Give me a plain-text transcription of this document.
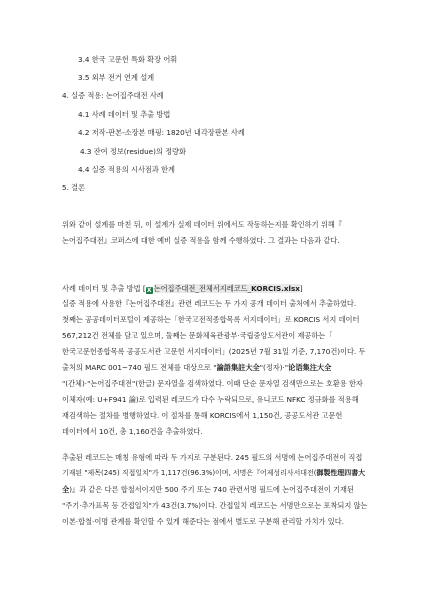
3.4 한국 고문헌 특화 확장 어휘
3.5 외부 전거 연계 설계
4. 실증 적용: 논어집주대전 사례
4.1 사례 데이터 및 추출 방법
4.2 저작-판본-소장본 매핑: 1820년 내각장판본 사례
4.3 잔여 정보(residue)의 정량화
4.4 실증 적용의 시사점과 한계
5. 결론
위와 같이 설계를 마친 뒤, 이 설계가 실제 데이터 위에서도 작동하는지를 확인하기 위해『
논어집주대전』코퍼스에 대한 예비 실증 적용을 함께 수행하였다. 그 결과는 다음과 같다.
사례 데이터 및 추출 방법 [X 논어집주대전_전체서지레코드_KORCIS.xlsx]
실증 적용에 사용한『논어집주대전』관련 레코드는 두 가지 공개 데이터 출처에서 추출하였다.
첫째는 공공데이터포털이 제공하는「한국고전적종합목록 서지데이터」로 KORCIS 서지 데이터
567,212건 전체를 담고 있으며, 둘째는 문화체육관광부·국립중앙도서관이 제공하는「
한국고문헌종합목록 공공도서관 고문헌 서지데이터」(2025년 7월 31일 기준, 7,170건)이다. 두
출처의 MARC 001~740 필드 전체를 대상으로 "論語集註大全"(정자)·"论语集注大全
"(간체)·"논어집주대전"(한글) 문자열을 검색하였다. 이때 단순 문자열 검색만으로는 호환용 한자
이체자(예: U+F941 論)로 입력된 레코드가 다수 누락되므로, 유니코드 NFKC 정규화를 적용해
재검색하는 절차를 병행하였다. 이 절차를 통해 KORCIS에서 1,150건, 공공도서관 고문헌
데이터에서 10건, 총 1,160건을 추출하였다.
추출된 레코드는 매칭 유형에 따라 두 가지로 구분된다. 245 필드의 서명에 논어집주대전이 직접
기재된 "제목(245) 직접일치"가 1,117건(96.3%)이며, 서명은『어제성리사서대전(御製性理四書大
全)』과 같은 다른 합철서이지만 500 주기 또는 740 관련서명 필드에 논어집주대전이 기재된
"주기·추가표목 등 간접일치"가 43건(3.7%)이다. 간접일치 레코드는 서명만으로는 포착되지 않는
이본·합철·이명 관계를 확인할 수 있게 해준다는 점에서 별도로 구분해 관리할 가치가 있다.
